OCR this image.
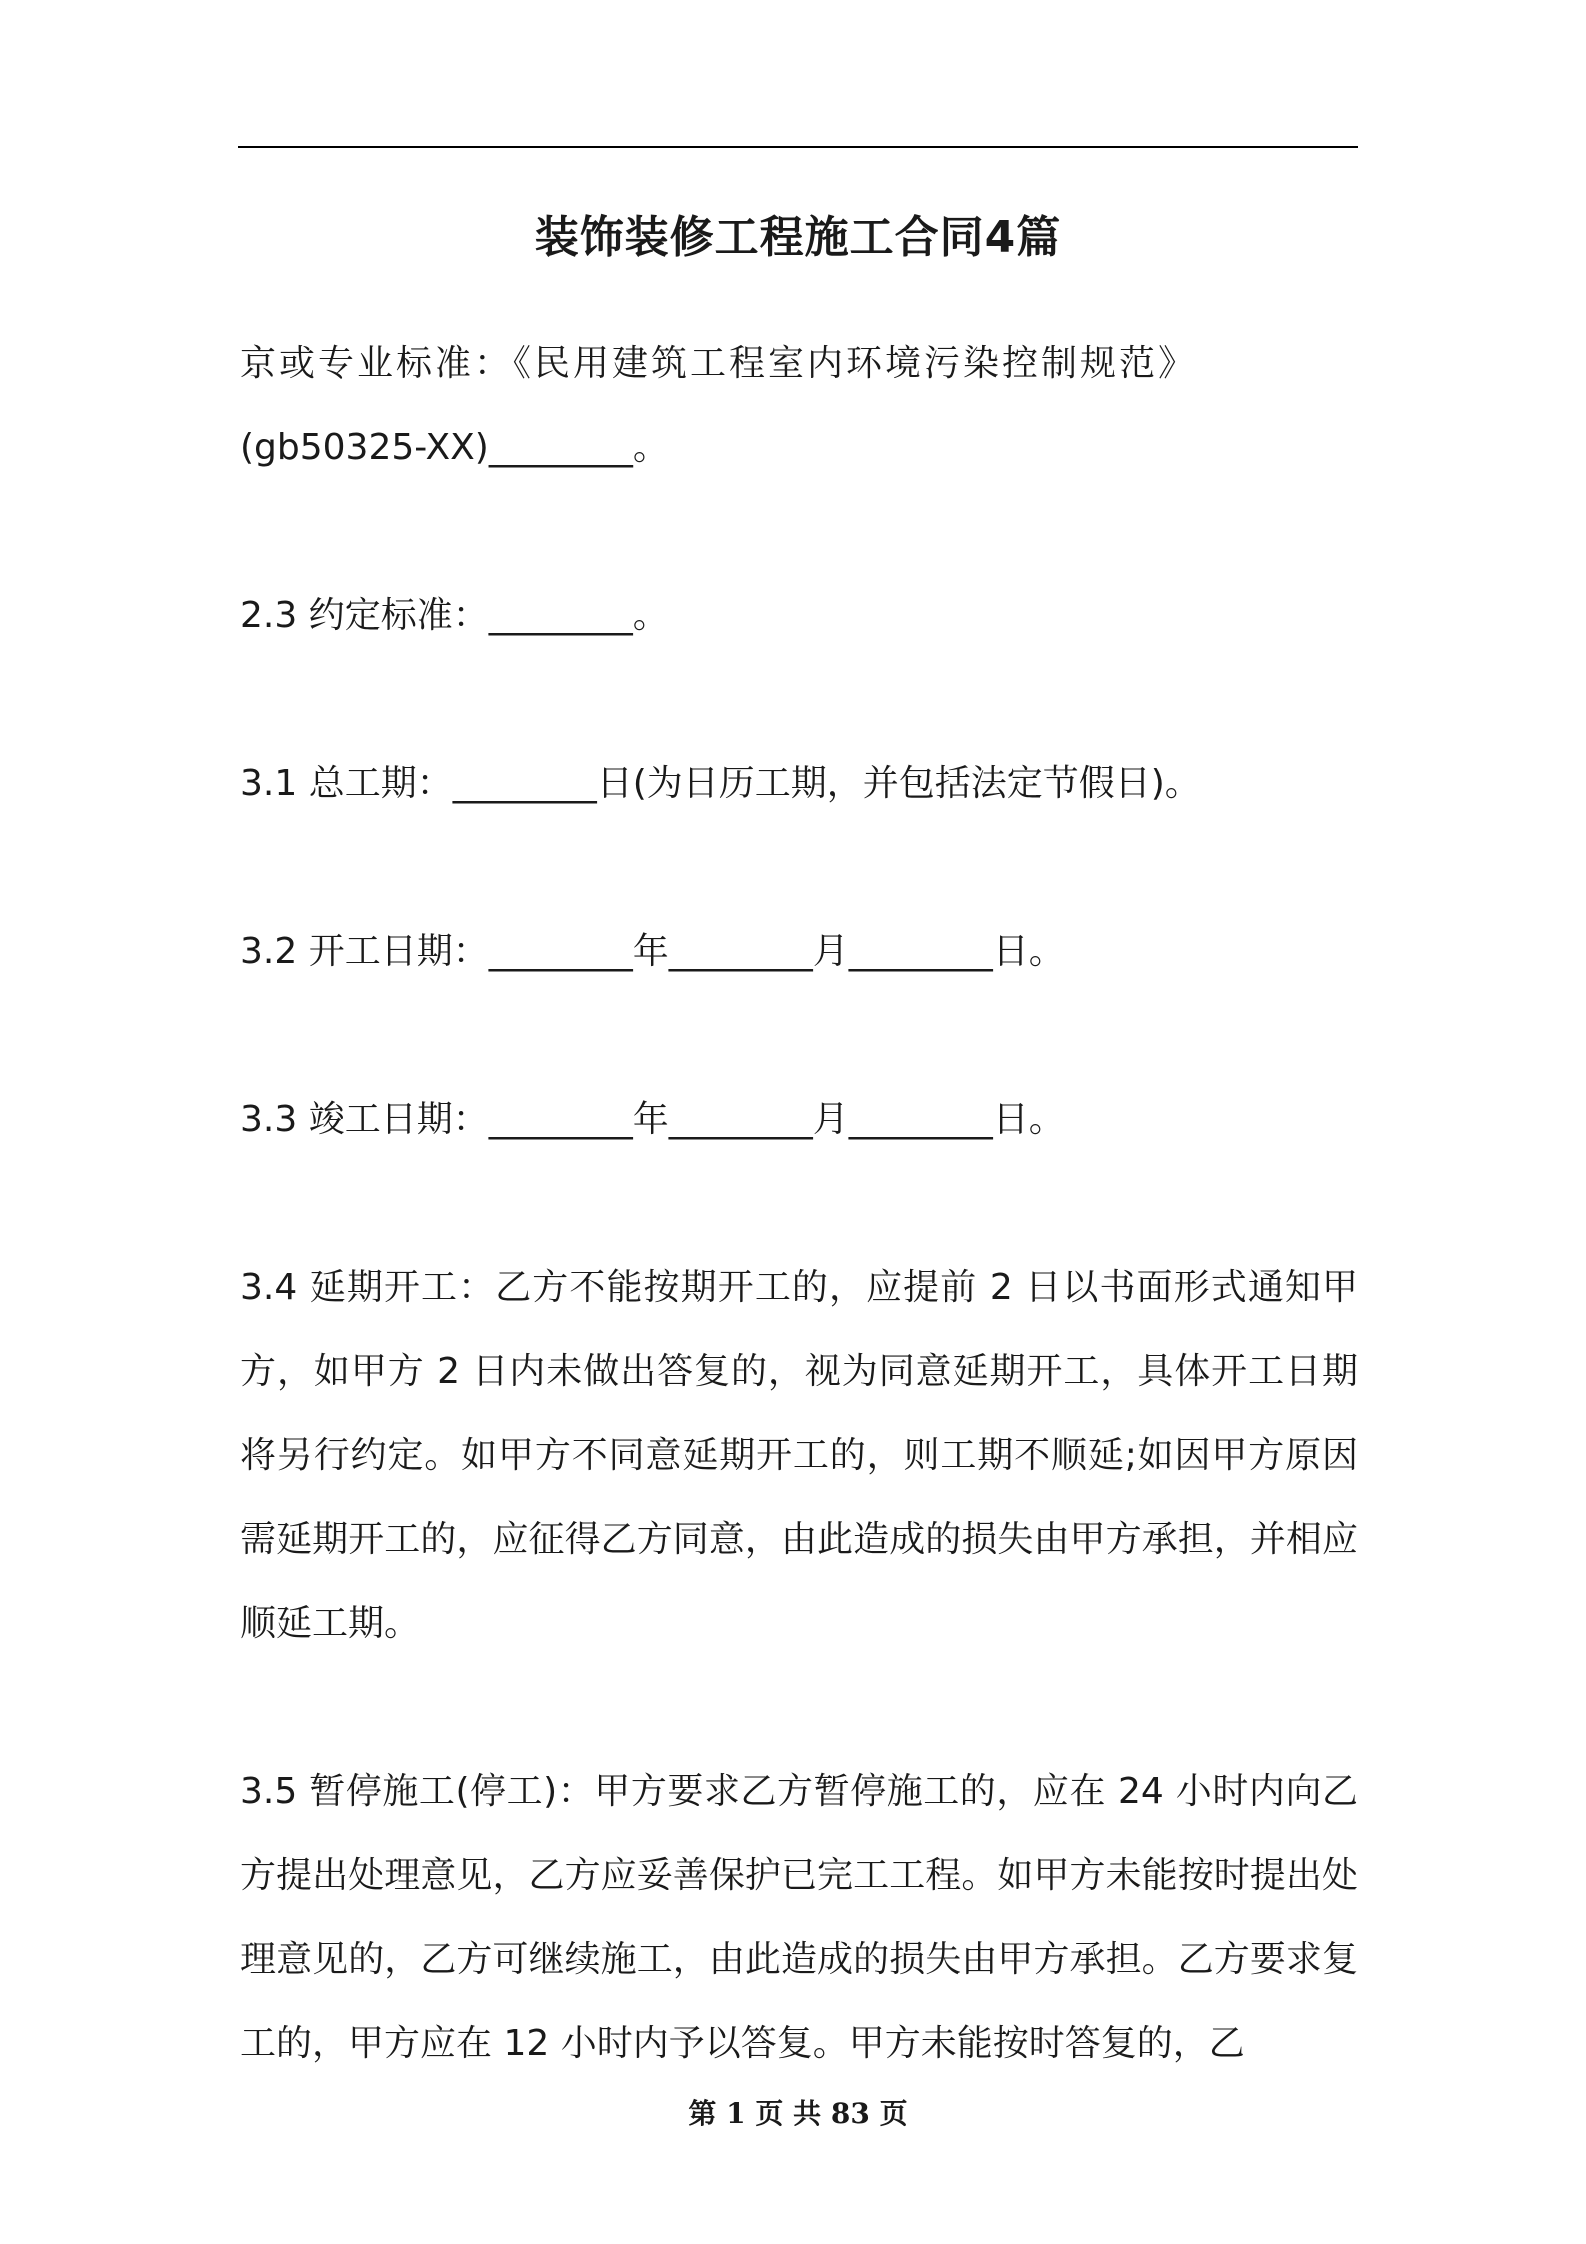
装饰装修工程施工合同4篇

京或专业标准：《民用建筑工程室内环境污染控制规范》

(gb50325-XX)________。

2.3 约定标准：________。

3.1 总工期：________日(为日历工期，并包括法定节假日)。

3.2 开工日期：________年________月________日。

3.3 竣工日期：________年________月________日。

3.4 延期开工：乙方不能按期开工的，应提前 2 日以书面形式通知甲方，如甲方 2 日内未做出答复的，视为同意延期开工，具体开工日期将另行约定。如甲方不同意延期开工的，则工期不顺延;如因甲方原因需延期开工的，应征得乙方同意，由此造成的损失由甲方承担，并相应顺延工期。

3.5 暂停施工(停工)：甲方要求乙方暂停施工的，应在 24 小时内向乙方提出处理意见，乙方应妥善保护已完工工程。如甲方未能按时提出处理意见的，乙方可继续施工，由此造成的损失由甲方承担。乙方要求复工的，甲方应在 12 小时内予以答复。甲方未能按时答复的，乙

第 1 页 共 83 页
